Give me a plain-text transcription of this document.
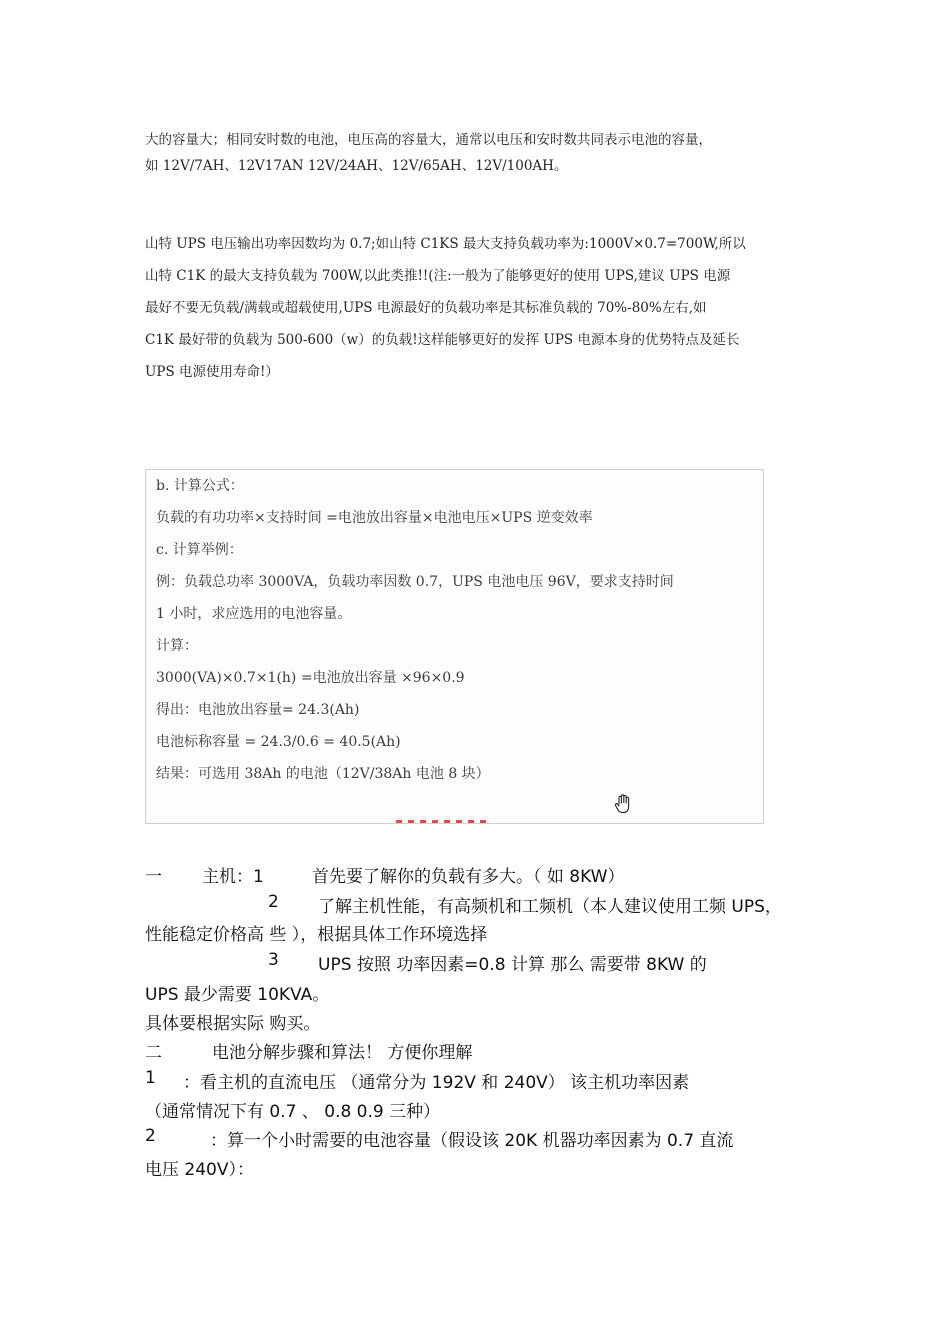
大的容量大；相同安时数的电池，电压高的容量大，通常以电压和安时数共同表示电池的容量，
如 12V/7AH、12V17AN 12V/24AH、12V/65AH、12V/100AH。
山特 UPS 电压输出功率因数均为 0.7;如山特 C1KS 最大支持负载功率为:1000V×0.7=700W,所以
山特 C1K 的最大支持负载为 700W,以此类推!!(注:一般为了能够更好的使用 UPS,建议 UPS 电源
最好不要无负载/满载或超载使用,UPS 电源最好的负载功率是其标准负载的 70%-80%左右,如
C1K 最好带的负载为 500-600（w）的负载!这样能够更好的发挥 UPS 电源本身的优势特点及延长
UPS 电源使用寿命!）
b. 计算公式：
负载的有功功率×支持时间 =电池放出容量×电池电压×UPS 逆变效率
c. 计算举例：
例：负载总功率 3000VA，负载功率因数 0.7，UPS 电池电压 96V，要求支持时间
1 小时，求应选用的电池容量。
计算：
3000(VA)×0.7×1(h) =电池放出容量 ×96×0.9
得出：电池放出容量= 24.3(Ah)
电池标称容量 = 24.3/0.6 = 40.5(Ah)
结果：可选用 38Ah 的电池（12V/38Ah 电池 8 块）
一 主机：1	首先要了解你的负载有多大。（ 如 8KW）
2 了解主机性能，有高频机和工频机（本人建议使用工频 UPS，
性能稳定价格高 些 ），根据具体工作环境选择
3 UPS 按照 功率因素=0.8 计算 那么 需要带 8KW 的
UPS 最少需要 10KVA。
具体要根据实际 购买。
二	电池分解步骤和算法！ 方便你理解
1 ：看主机的直流电压 （通常分为 192V 和 240V） 该主机功率因素
（通常情况下有 0.7 、 0.8 0.9 三种）
2	：算一个小时需要的电池容量（假设该 20K 机器功率因素为 0.7 直流
电压 240V）：
